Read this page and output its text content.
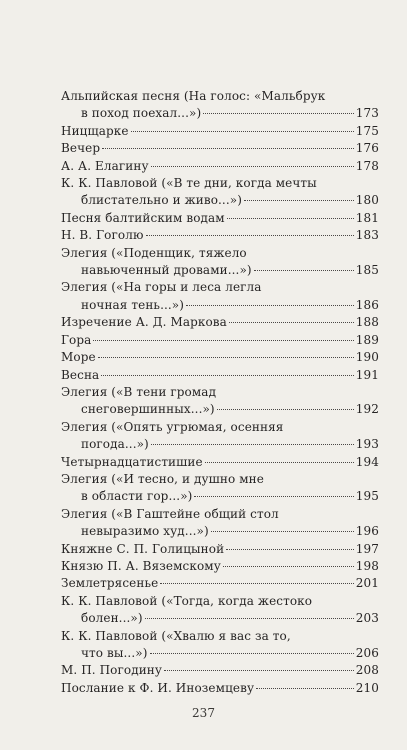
Альпийская песня (На голос: «Мальбрук
в поход поехал...»)	173
Ницщарке	175
Вечер	176
А. А. Елагину	178
К. К. Павловой («В те дни, когда мечты
блистательно и живо...»)	180
Песня балтийским водам	181
Н. В. Гоголю	183
Элегия («Поденщик, тяжело
навьюченный дровами...»)	185
Элегия («На горы и леса легла
ночная тень...»)	186
Изречение А. Д. Маркова	188
Гора	189
Море	190
Весна	191
Элегия («В тени громад
снеговершинных...»)	192
Элегия («Опять угрюмая, осенняя
погода...»)	193
Четырнадцатистишие	194
Элегия («И тесно, и душно мне
в области гор...»)	195
Элегия («В Гаштейне общий стол
невыразимо худ...»)	196
Княжне С. П. Голицыной	197
Князю П. А. Вяземскому	198
Землетрясенье	201
К. К. Павловой («Тогда, когда жестоко
болен...»)	203
К. К. Павловой («Хвалю я вас за то,
что вы...»)	206
М. П. Погодину	208
Послание к Ф. И. Иноземцеву	210
237
